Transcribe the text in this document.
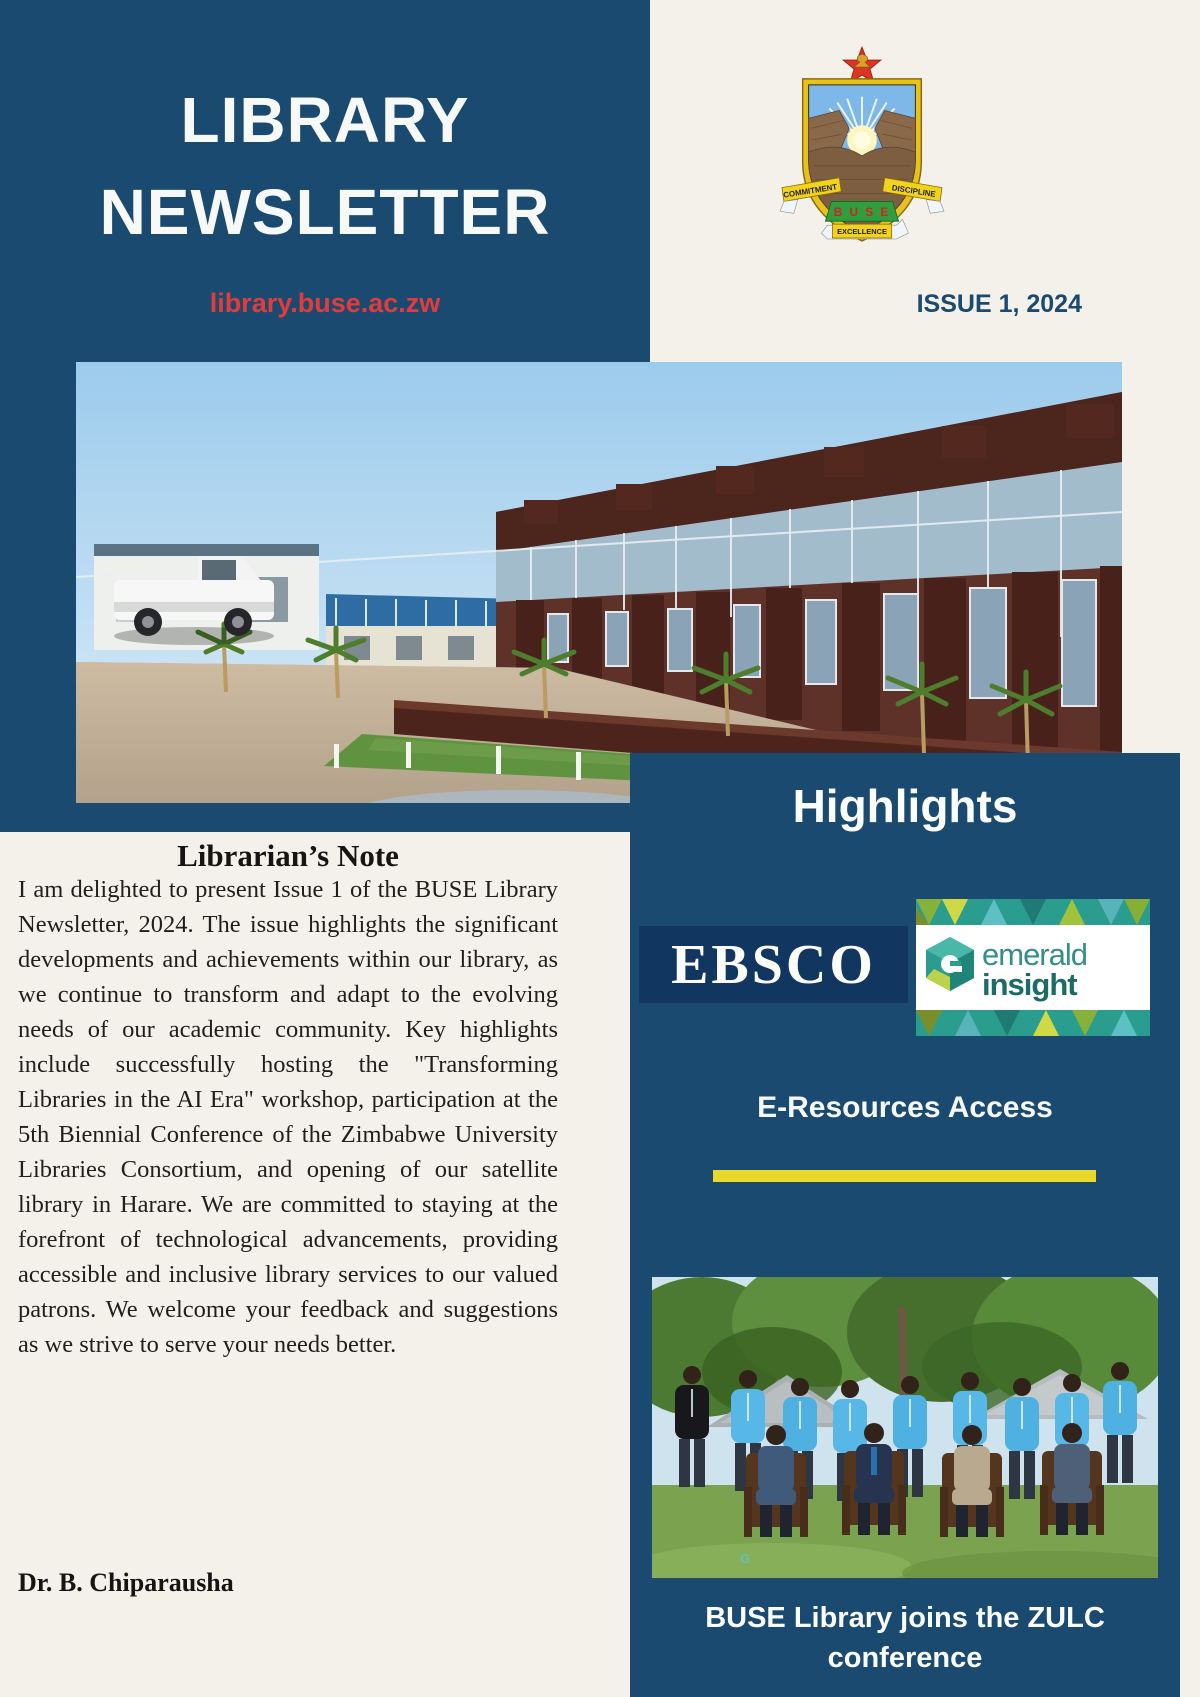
COMMITMENT	DISCIPLINE
B U S E
EXCELLENCE
ISSUE 1, 2024
LIBRARY
NEWSLETTER
library.buse.ac.zw
Librarian’s Note

I am delighted to present Issue 1 of the BUSE Library Newsletter, 2024. The issue highlights the significant developments and achievements within our library, as we continue to transform and adapt to the evolving needs of our academic community. Key highlights include successfully hosting the "Transforming Libraries in the AI Era" workshop, participation at the 5th Biennial Conference of the Zimbabwe University Libraries Consortium, and opening of our satellite library in Harare. We are committed to staying at the forefront of technological advancements, providing accessible and inclusive library services to our valued patrons. We welcome your feedback and suggestions as we strive to serve your needs better.

Dr. B. Chiparausha
Highlights
EBSCO	emerald
insight
E-Resources Access
G
BUSE Library joins the ZULC conference
